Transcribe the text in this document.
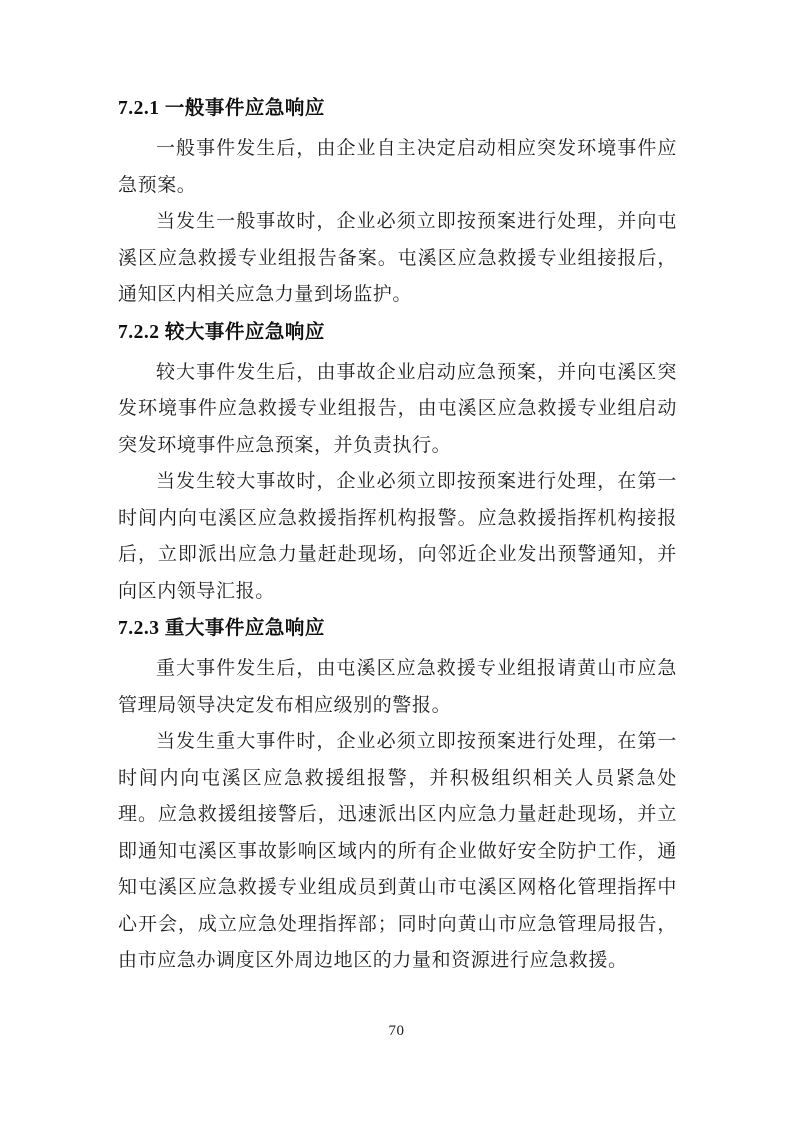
7.2.1 一般事件应急响应

一般事件发生后，由企业自主决定启动相应突发环境事件应急预案。

当发生一般事故时，企业必须立即按预案进行处理，并向屯溪区应急救援专业组报告备案。屯溪区应急救援专业组接报后，通知区内相关应急力量到场监护。

7.2.2 较大事件应急响应

较大事件发生后，由事故企业启动应急预案，并向屯溪区突发环境事件应急救援专业组报告，由屯溪区应急救援专业组启动突发环境事件应急预案，并负责执行。

当发生较大事故时，企业必须立即按预案进行处理，在第一时间内向屯溪区应急救援指挥机构报警。应急救援指挥机构接报后，立即派出应急力量赶赴现场，向邻近企业发出预警通知，并向区内领导汇报。

7.2.3 重大事件应急响应

重大事件发生后，由屯溪区应急救援专业组报请黄山市应急管理局领导决定发布相应级别的警报。

当发生重大事件时，企业必须立即按预案进行处理，在第一时间内向屯溪区应急救援组报警，并积极组织相关人员紧急处理。应急救援组接警后，迅速派出区内应急力量赶赴现场，并立即通知屯溪区事故影响区域内的所有企业做好安全防护工作，通知屯溪区应急救援专业组成员到黄山市屯溪区网格化管理指挥中心开会，成立应急处理指挥部；同时向黄山市应急管理局报告，由市应急办调度区外周边地区的力量和资源进行应急救援。

70
